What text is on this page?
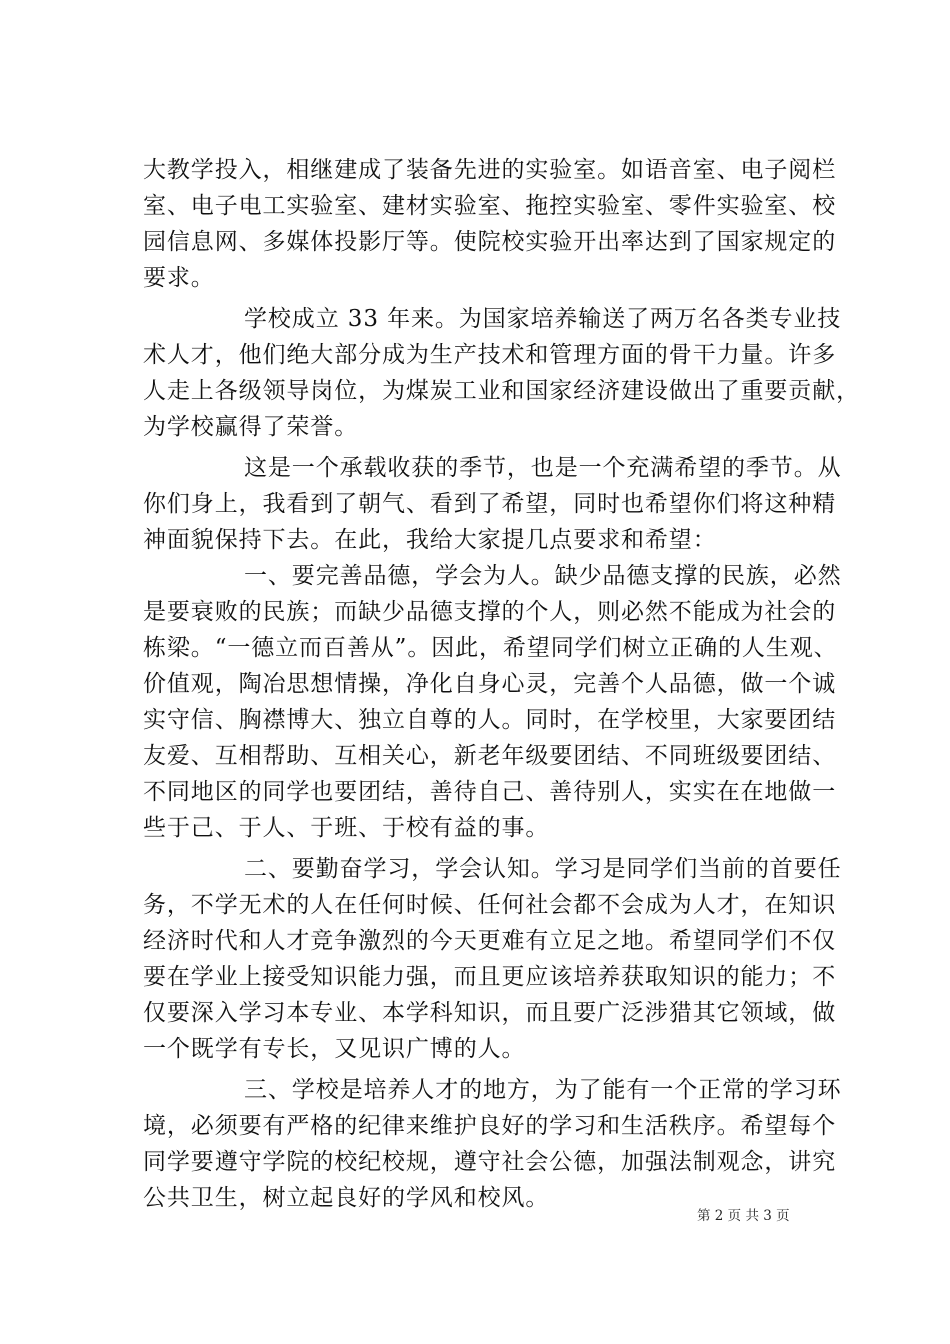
大教学投入，相继建成了装备先进的实验室。如语音室、电子阅栏
室、电子电工实验室、建材实验室、拖控实验室、零件实验室、校
园信息网、多媒体投影厅等。使院校实验开出率达到了国家规定的
要求。
学校成立 33 年来。为国家培养输送了两万名各类专业技
术人才，他们绝大部分成为生产技术和管理方面的骨干力量。许多
人走上各级领导岗位，为煤炭工业和国家经济建设做出了重要贡献，
为学校赢得了荣誉。
这是一个承载收获的季节，也是一个充满希望的季节。从
你们身上，我看到了朝气、看到了希望，同时也希望你们将这种精
神面貌保持下去。在此，我给大家提几点要求和希望：
一、要完善品德，学会为人。缺少品德支撑的民族，必然
是要衰败的民族；而缺少品德支撑的个人，则必然不能成为社会的
栋梁。“一德立而百善从”。因此，希望同学们树立正确的人生观、
价值观，陶冶思想情操，净化自身心灵，完善个人品德，做一个诚
实守信、胸襟博大、独立自尊的人。同时，在学校里，大家要团结
友爱、互相帮助、互相关心，新老年级要团结、不同班级要团结、
不同地区的同学也要团结，善待自己、善待别人，实实在在地做一
些于己、于人、于班、于校有益的事。
二、要勤奋学习，学会认知。学习是同学们当前的首要任
务，不学无术的人在任何时候、任何社会都不会成为人才，在知识
经济时代和人才竞争激烈的今天更难有立足之地。希望同学们不仅
要在学业上接受知识能力强，而且更应该培养获取知识的能力；不
仅要深入学习本专业、本学科知识，而且要广泛涉猎其它领域，做
一个既学有专长，又见识广博的人。
三、学校是培养人才的地方，为了能有一个正常的学习环
境，必须要有严格的纪律来维护良好的学习和生活秩序。希望每个
同学要遵守学院的校纪校规，遵守社会公德，加强法制观念，讲究
公共卫生，树立起良好的学风和校风。
第 2 页 共 3 页
